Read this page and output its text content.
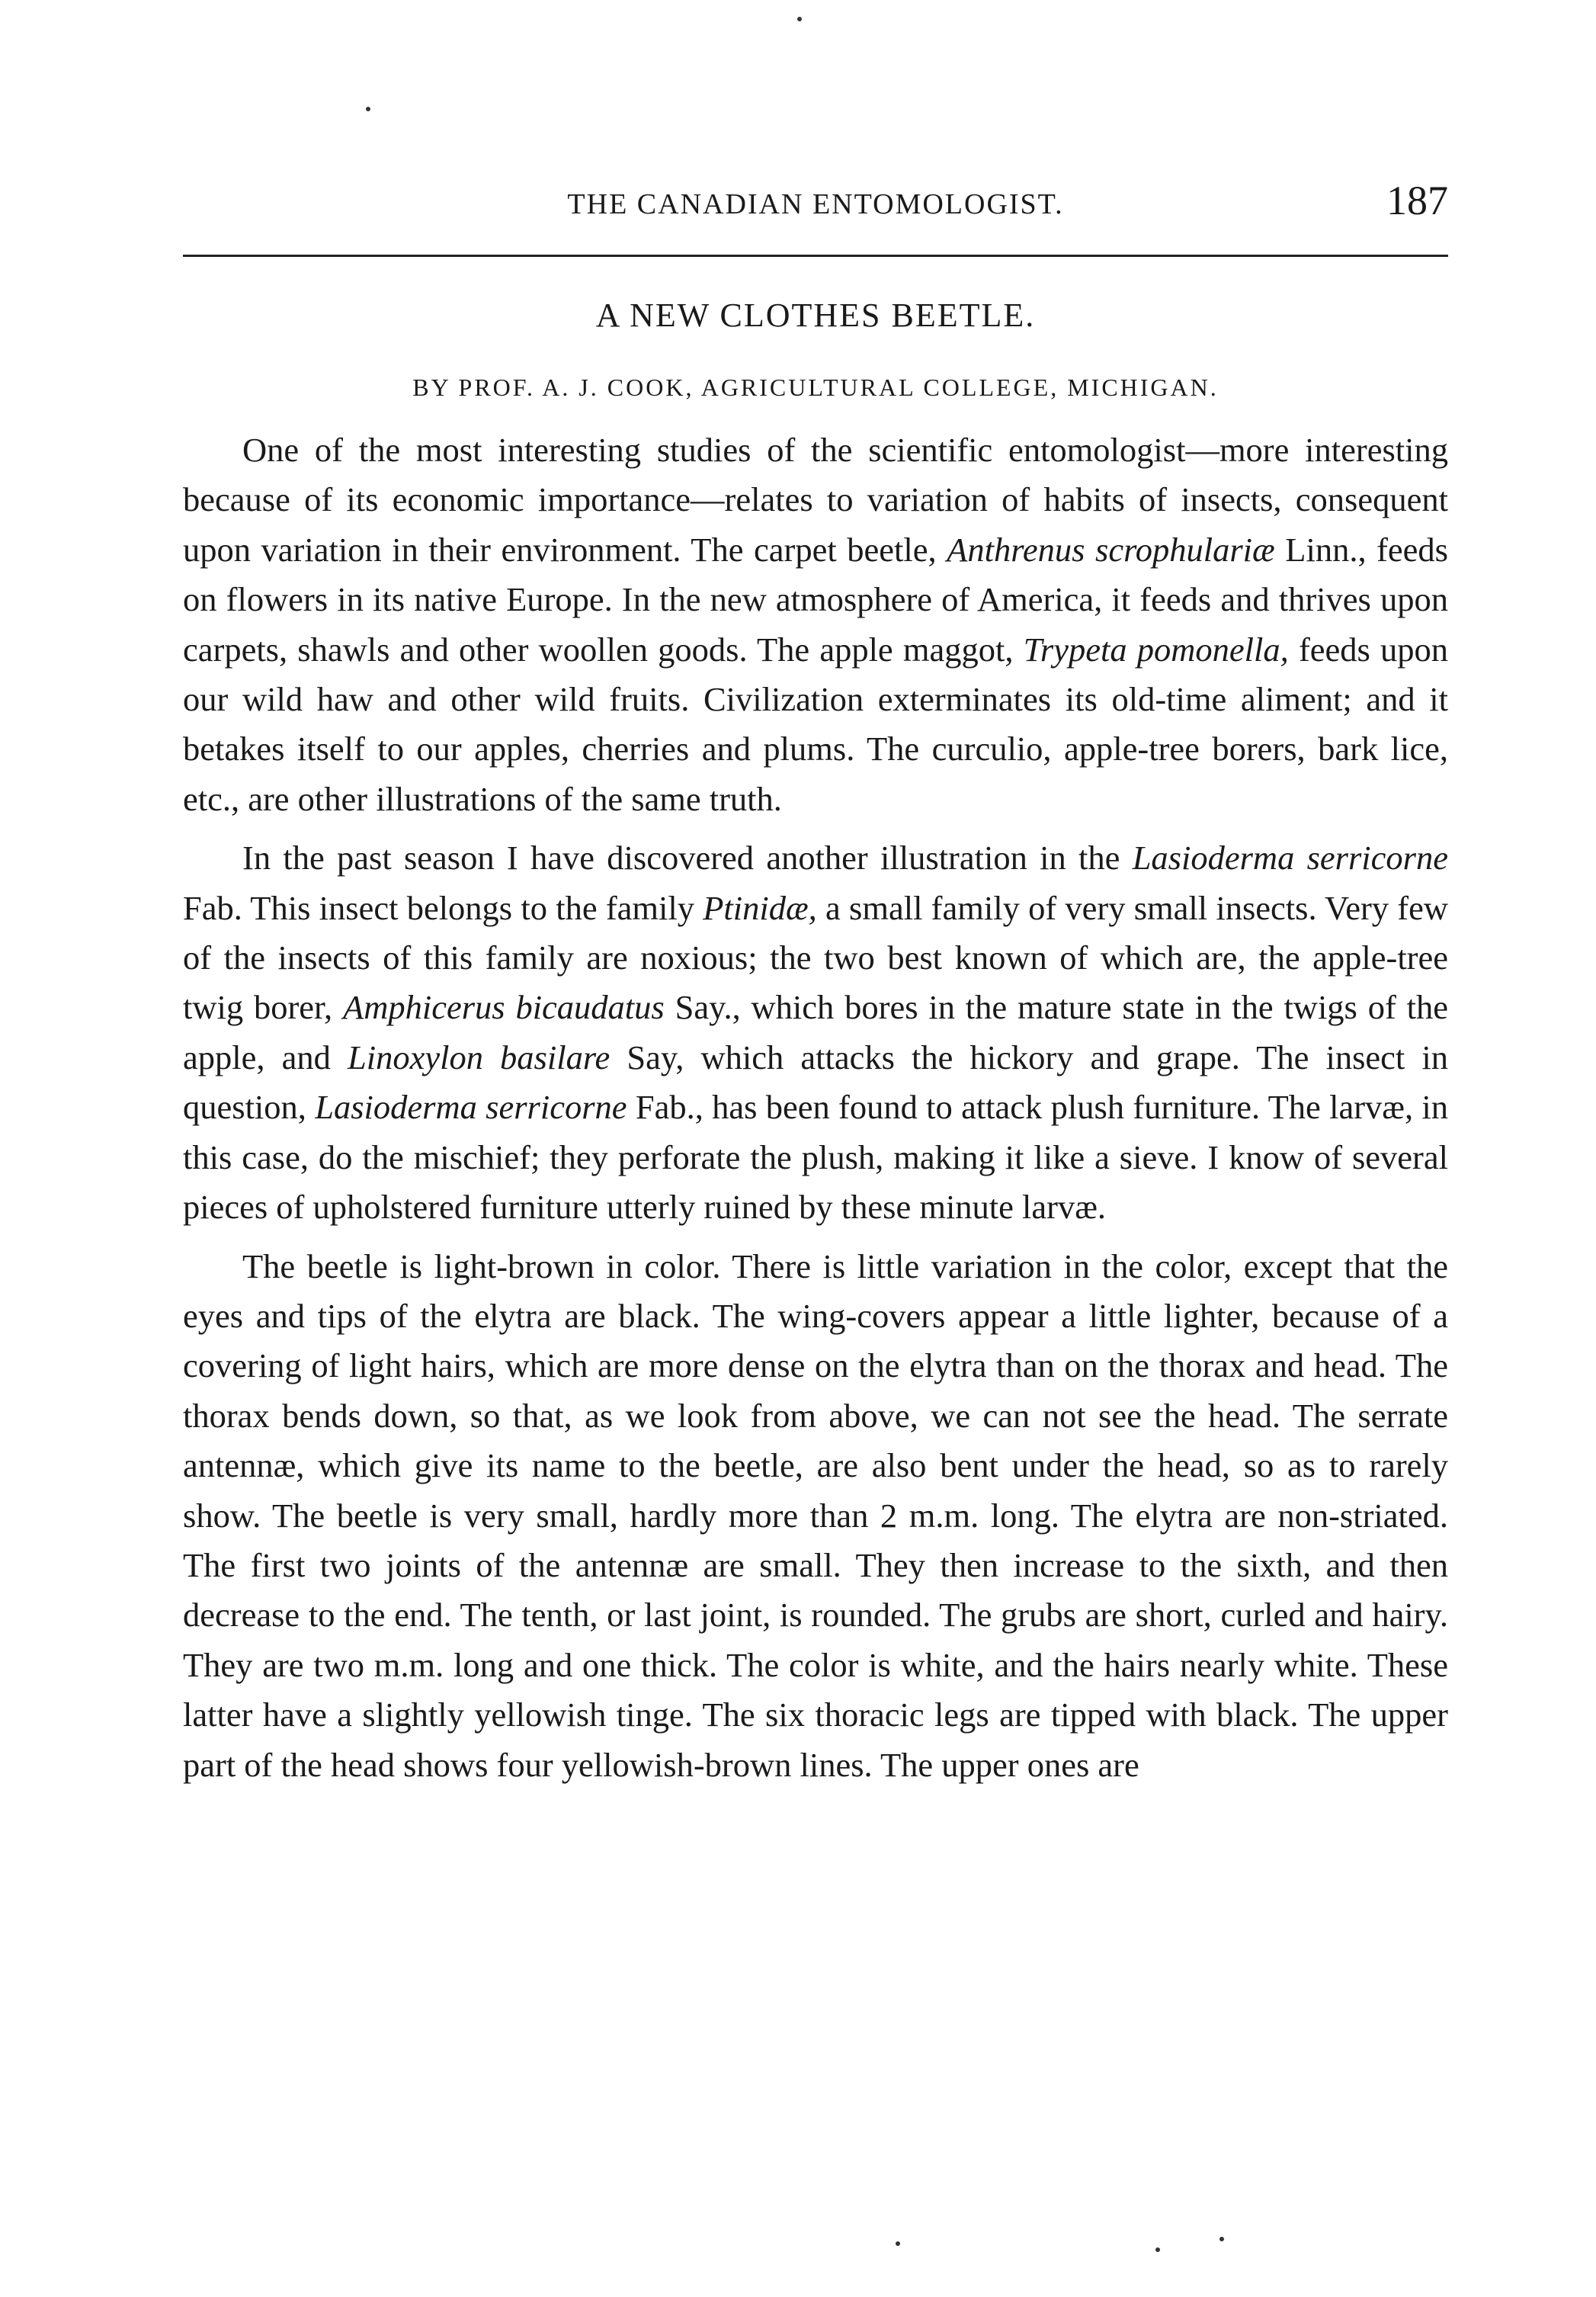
THE CANADIAN ENTOMOLOGIST.	187
A NEW CLOTHES BEETLE.
BY PROF. A. J. COOK, AGRICULTURAL COLLEGE, MICHIGAN.

One of the most interesting studies of the scientific entomologist—more interesting because of its economic importance—relates to variation of habits of insects, consequent upon variation in their environment. The carpet beetle, Anthrenus scrophulariæ Linn., feeds on flowers in its native Europe. In the new atmosphere of America, it feeds and thrives upon carpets, shawls and other woollen goods. The apple maggot, Trypeta pomonella, feeds upon our wild haw and other wild fruits. Civilization exterminates its old-time aliment; and it betakes itself to our apples, cherries and plums. The curculio, apple-tree borers, bark lice, etc., are other illustrations of the same truth.

In the past season I have discovered another illustration in the Lasioderma serricorne Fab. This insect belongs to the family Ptinidæ, a small family of very small insects. Very few of the insects of this family are noxious; the two best known of which are, the apple-tree twig borer, Amphicerus bicaudatus Say., which bores in the mature state in the twigs of the apple, and Linoxylon basilare Say, which attacks the hickory and grape. The insect in question, Lasioderma serricorne Fab., has been found to attack plush furniture. The larvæ, in this case, do the mischief; they perforate the plush, making it like a sieve. I know of several pieces of upholstered furniture utterly ruined by these minute larvæ.

The beetle is light-brown in color. There is little variation in the color, except that the eyes and tips of the elytra are black. The wing-covers appear a little lighter, because of a covering of light hairs, which are more dense on the elytra than on the thorax and head. The thorax bends down, so that, as we look from above, we can not see the head. The serrate antennæ, which give its name to the beetle, are also bent under the head, so as to rarely show. The beetle is very small, hardly more than 2 m.m. long. The elytra are non-striated. The first two joints of the antennæ are small. They then increase to the sixth, and then decrease to the end. The tenth, or last joint, is rounded. The grubs are short, curled and hairy. They are two m.m. long and one thick. The color is white, and the hairs nearly white. These latter have a slightly yellowish tinge. The six thoracic legs are tipped with black. The upper part of the head shows four yellowish-brown lines. The upper ones are
